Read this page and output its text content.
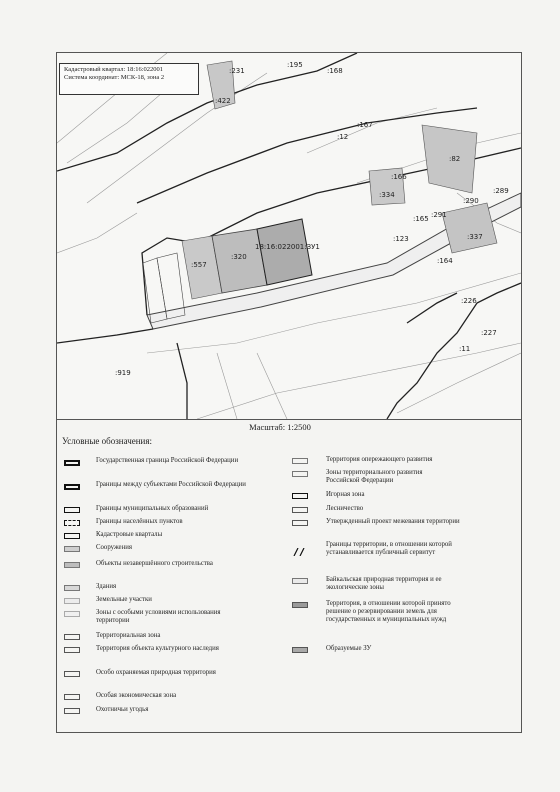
Кадастровый квартал: 18:16:022001
Система координат: МСК-18, зона 2
:231
:195
:168
:422
:12
:167
:82
:166
:334	:289
:290
:291
:165
:123	:337
:164
:557
:320
18:16:022001:ЗУ1
:226
:227
:11
:919
Масштаб: 1:2500
Условные обозначения:
Государственная граница Российской Федерации
Границы между субъектами Российской Федерации
Границы муниципальных образований
Границы населённых пунктов
Кадастровые кварталы
Сооружения
Объекты незавершённого строительства
Здания
Земельные участки
Зоны с особыми условиями использования территории
Территориальная зона
Территория объекта культурного наследия
Особо охраняемая природная территория
Особая экономическая зона
Охотничьи угодья
Территория опережающего развития
Зоны территориального развития Российской Федерации
Игорная зона
Лесничество
Утвержденный проект межевания территории
Границы территории, в отношении которой устанавливается публичный сервитут
Байкальская природная территория и ее экологические зоны
Территория, в отношении которой принято решение о резервировании земель для государственных и муниципальных нужд
Образуемые ЗУ
